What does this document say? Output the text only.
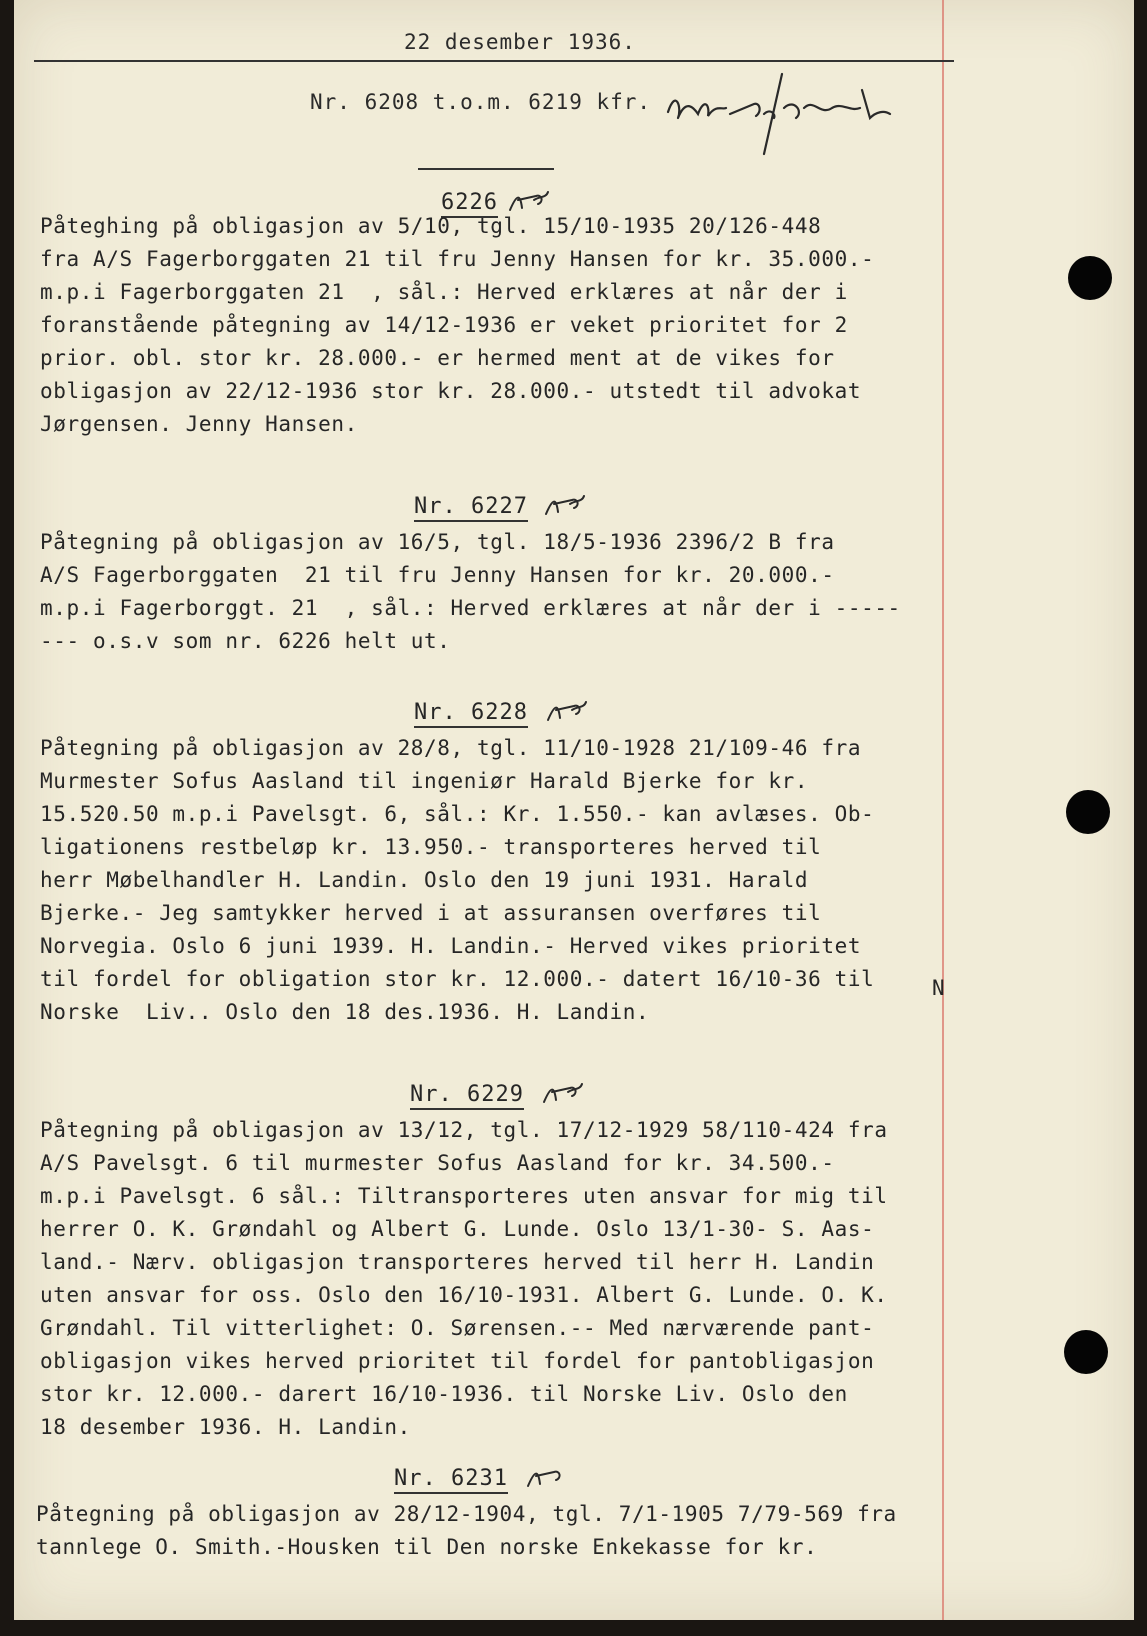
22 desember 1936.
Nr. 6208 t.o.m. 6219 kfr.
6226
Påteghing på obligasjon av 5/10, tgl. 15/10-1935 20/126-448
fra A/S Fagerborggaten 21 til fru Jenny Hansen for kr. 35.000.-
m.p.i Fagerborggaten 21  , sål.: Herved erklæres at når der i
foranstående påtegning av 14/12-1936 er veket prioritet for 2
prior. obl. stor kr. 28.000.- er hermed ment at de vikes for
obligasjon av 22/12-1936 stor kr. 28.000.- utstedt til advokat
Jørgensen. Jenny Hansen.
Nr. 6227
Påtegning på obligasjon av 16/5, tgl. 18/5-1936 2396/2 B fra
A/S Fagerborggaten  21 til fru Jenny Hansen for kr. 20.000.-
m.p.i Fagerborggt. 21  , sål.: Herved erklæres at når der i -----
--- o.s.v som nr. 6226 helt ut.
Nr. 6228
Påtegning på obligasjon av 28/8, tgl. 11/10-1928 21/109-46 fra
Murmester Sofus Aasland til ingeniør Harald Bjerke for kr.
15.520.50 m.p.i Pavelsgt. 6, sål.: Kr. 1.550.- kan avlæses. Ob-
ligationens restbeløp kr. 13.950.- transporteres herved til
herr Møbelhandler H. Landin. Oslo den 19 juni 1931. Harald
Bjerke.- Jeg samtykker herved i at assuransen overføres til
Norvegia. Oslo 6 juni 1939. H. Landin.- Herved vikes prioritet
til fordel for obligation stor kr. 12.000.- datert 16/10-36 til
Norske  Liv.. Oslo den 18 des.1936. H. Landin.
N
Nr. 6229
Påtegning på obligasjon av 13/12, tgl. 17/12-1929 58/110-424 fra
A/S Pavelsgt. 6 til murmester Sofus Aasland for kr. 34.500.-
m.p.i Pavelsgt. 6 sål.: Tiltransporteres uten ansvar for mig til
herrer O. K. Grøndahl og Albert G. Lunde. Oslo 13/1-30- S. Aas-
land.- Nærv. obligasjon transporteres herved til herr H. Landin
uten ansvar for oss. Oslo den 16/10-1931. Albert G. Lunde. O. K.
Grøndahl. Til vitterlighet: O. Sørensen.-- Med nærværende pant-
obligasjon vikes herved prioritet til fordel for pantobligasjon
stor kr. 12.000.- darert 16/10-1936. til Norske Liv. Oslo den
18 desember 1936. H. Landin.
Nr. 6231
Påtegning på obligasjon av 28/12-1904, tgl. 7/1-1905 7/79-569 fra
tannlege O. Smith.-Housken til Den norske Enkekasse for kr.
